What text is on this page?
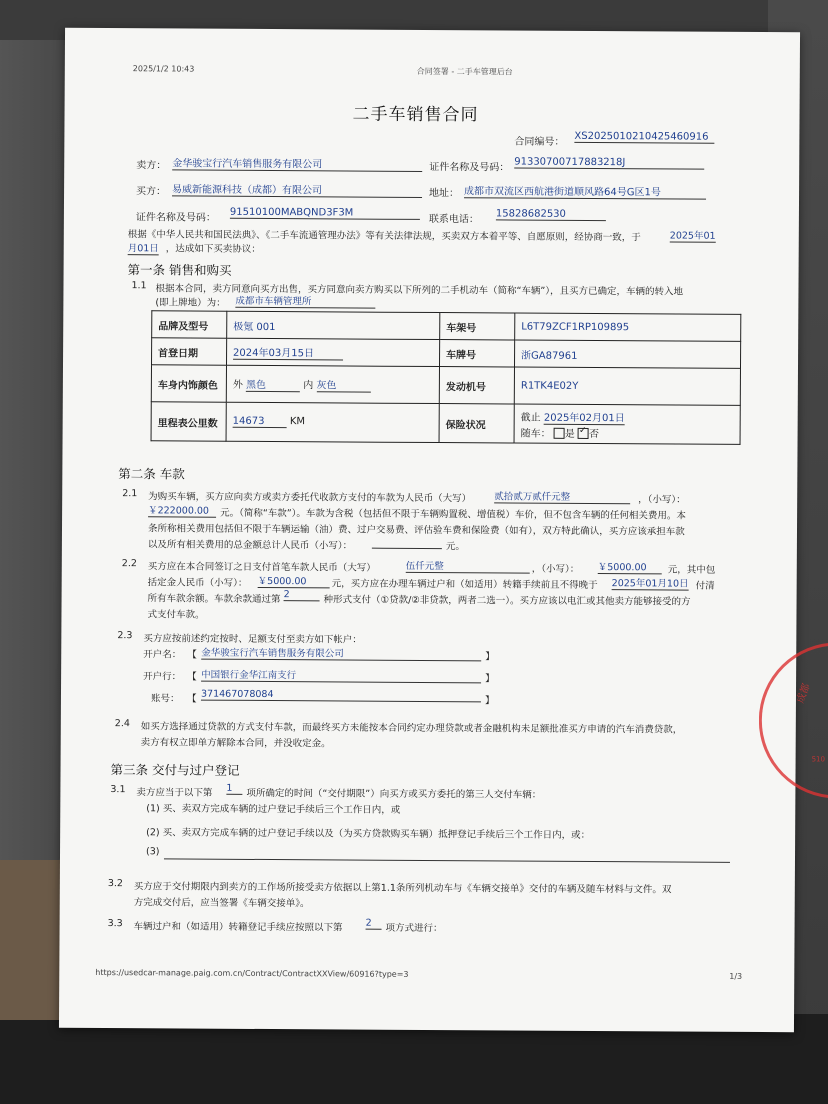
2025/1/2 10:43	合同签署 - 二手车管理后台
二手车销售合同
合同编号： XS2025010210425460916
卖方： 金华骏宝行汽车销售服务有限公司	证件名称及号码： 91330700717883218J
买方： 易威新能源科技（成都）有限公司	地址： 成都市双流区西航港街道顺风路64号G区1号
证件名称及号码： 91510100MABQND3F3M
联系电话： 15828682530
根据《中华人民共和国民法典》、《二手车流通管理办法》等有关法律法规，买卖双方本着平等、自愿原则，经协商一致，于	2025年01
月01日 ，达成如下买卖协议：
第一条 销售和购买
1.1 根据本合同，卖方同意向买方出售，买方同意向卖方购买以下所列的二手机动车（简称“车辆”），且买方已确定，车辆的转入地
(即上牌地）为： 成都市车辆管理所
品牌及型号	极氪 001	车架号	L6T79ZCF1RP109895
首登日期	2024年03月15日	车牌号	浙GA87961
车身内饰颜色	外 黑色 内 灰色	发动机号	R1TK4E02Y
里程表公里数	14673 KM	保险状况	截止 2025年02月01日
随车： 是 ✓ 否
第二条 车款
2.1 为购买车辆，买方应向卖方或卖方委托代收款方支付的车款为人民币（大写） 贰拾贰万贰仟元整	，（小写）：
￥222000.00	元。（简称“车款”）。车款为含税（包括但不限于车辆购置税、增值税）车价，但不包含车辆的任何相关费用。本
条所称相关费用包括但不限于车辆运输（油）费、过户交易费、评估验车费和保险费（如有），双方特此确认，买方应该承担车款
以及所有相关费用的总金额总计人民币（小写）：	元。
2.2 买方应在本合同签订之日支付首笔车款人民币（大写）	伍仟元整	，（小写）： ￥5000.00	元，其中包
括定金人民币（小写）： ￥5000.00	元，买方应在办理车辆过户和（如适用）转籍手续前且不得晚于 2025年01月10日 付清
所有车款余额。车款余款通过第 2	种形式支付（①贷款/②非贷款，两者二选一）。买方应该以电汇或其他卖方能够接受的方
式支付车款。
2.3 买方应按前述约定按时、足额支付至卖方如下帐户：
开户名： 【 金华骏宝行汽车销售服务有限公司	】
开户行： 【 中国银行金华江南支行	】
账号： 【 371467078084
】
2.4 如买方选择通过贷款的方式支付车款，而最终买方未能按本合同约定办理贷款或者金融机构未足额批准买方申请的汽车消费贷款，
卖方有权立即单方解除本合同，并没收定金。
第三条 交付与过户登记
3.1 卖方应当于以下第 1	项所确定的时间（“交付期限”）向买方或买方委托的第三人交付车辆：
(1) 买、卖双方完成车辆的过户登记手续后三个工作日内，或
(2) 买、卖双方完成车辆的过户登记手续以及（为买方贷款购买车辆）抵押登记手续后三个工作日内，或：
(3)
3.2 买方应于交付期限内到卖方的工作场所接受卖方依据以上第1.1条所列机动车与《车辆交接单》交付的车辆及随车材料与文件。双
方完成交付后，应当签署《车辆交接单》。
3.3 车辆过户和（如适用）转籍登记手续应按照以下第 2	项方式进行：
https://usedcar-manage.paig.com.cn/Contract/ContractXXView/60916?type=3	1/3
成都
510
